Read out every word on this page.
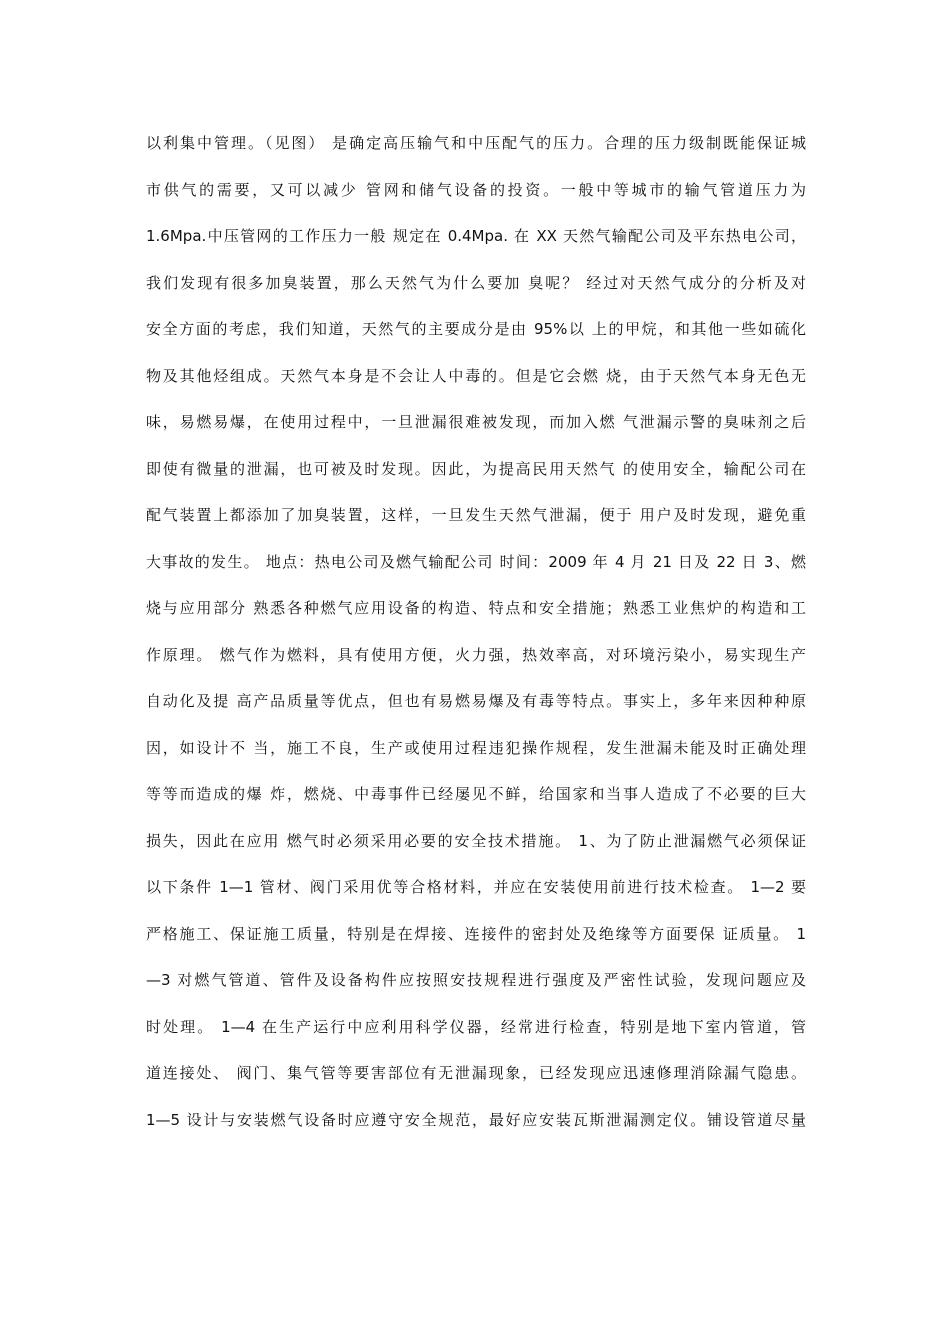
以利集中管理。（见图） 是确定高压输气和中压配气的压力。合理的压力级制既能保证城
市供气的需要，又可以减少 管网和储气设备的投资。一般中等城市的输气管道压力为
1.6Mpa.中压管网的工作压力一般 规定在 0.4Mpa. 在 XX 天然气输配公司及平东热电公司，
我们发现有很多加臭装置，那么天然气为什么要加 臭呢？ 经过对天然气成分的分析及对
安全方面的考虑，我们知道，天然气的主要成分是由 95%以 上的甲烷，和其他一些如硫化
物及其他烃组成。天然气本身是不会让人中毒的。但是它会燃 烧，由于天然气本身无色无
味，易燃易爆，在使用过程中，一旦泄漏很难被发现，而加入燃 气泄漏示警的臭味剂之后
即使有微量的泄漏，也可被及时发现。因此，为提高民用天然气 的使用安全，输配公司在
配气装置上都添加了加臭装置，这样，一旦发生天然气泄漏，便于 用户及时发现，避免重
大事故的发生。 地点：热电公司及燃气输配公司 时间：2009 年 4 月 21 日及 22 日 3、燃
烧与应用部分 熟悉各种燃气应用设备的构造、特点和安全措施；熟悉工业焦炉的构造和工
作原理。 燃气作为燃料，具有使用方便，火力强，热效率高，对环境污染小，易实现生产
自动化及提 高产品质量等优点，但也有易燃易爆及有毒等特点。事实上，多年来因种种原
因，如设计不 当，施工不良，生产或使用过程违犯操作规程，发生泄漏未能及时正确处理
等等而造成的爆 炸，燃烧、中毒事件已经屡见不鲜，给国家和当事人造成了不必要的巨大
损失，因此在应用 燃气时必须采用必要的安全技术措施。 1、为了防止泄漏燃气必须保证
以下条件 1—1 管材、阀门采用优等合格材料，并应在安装使用前进行技术检查。 1—2 要
严格施工、保证施工质量，特别是在焊接、连接件的密封处及绝缘等方面要保 证质量。 1
—3 对燃气管道、管件及设备构件应按照安技规程进行强度及严密性试验，发现问题应及
时处理。 1—4 在生产运行中应利用科学仪器，经常进行检查，特别是地下室内管道，管
道连接处、 阀门、集气管等要害部位有无泄漏现象，已经发现应迅速修理消除漏气隐患。
1—5 设计与安装燃气设备时应遵守安全规范，最好应安装瓦斯泄漏测定仪。铺设管道尽量
